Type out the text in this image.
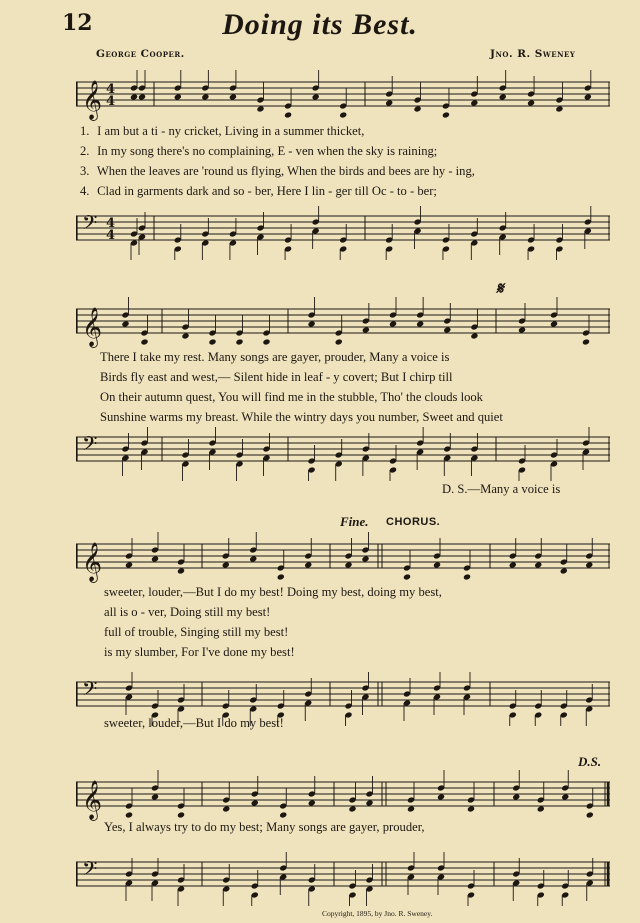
12	Doing its Best.
George Cooper.	Jno. R. Sweney
𝄞 4
4
1. I am but a ti - ny cricket, Living in a summer thicket,
2. In my song there's no complaining, E - ven when the sky is raining;
3. When the leaves are 'round us flying, When the birds and bees are hy - ing,
4. Clad in garments dark and so - ber, Here I lin - ger till Oc - to - ber;
𝄢 4
4
𝄋
𝄞
There I take my rest. Many songs are gayer, prouder, Many a voice is
Birds fly east and west,— Silent hide in leaf - y covert; But I chirp till
On their autumn quest, You will find me in the stubble, Tho' the clouds look
Sunshine warms my breast. While the wintry days you number, Sweet and quiet
𝄢
D. S.—Many a voice is
Fine. CHORUS.
𝄞
sweeter, louder,—But I do my best! Doing my best, doing my best,
all is o - ver, Doing still my best!
full of trouble, Singing still my best!
is my slumber, For I've done my best!
𝄢
sweeter, louder,—But I do my best!
D.S.
𝄞
Yes, I always try to do my best; Many songs are gayer, prouder,
𝄢
Copyright, 1895, by Jno. R. Sweney.
